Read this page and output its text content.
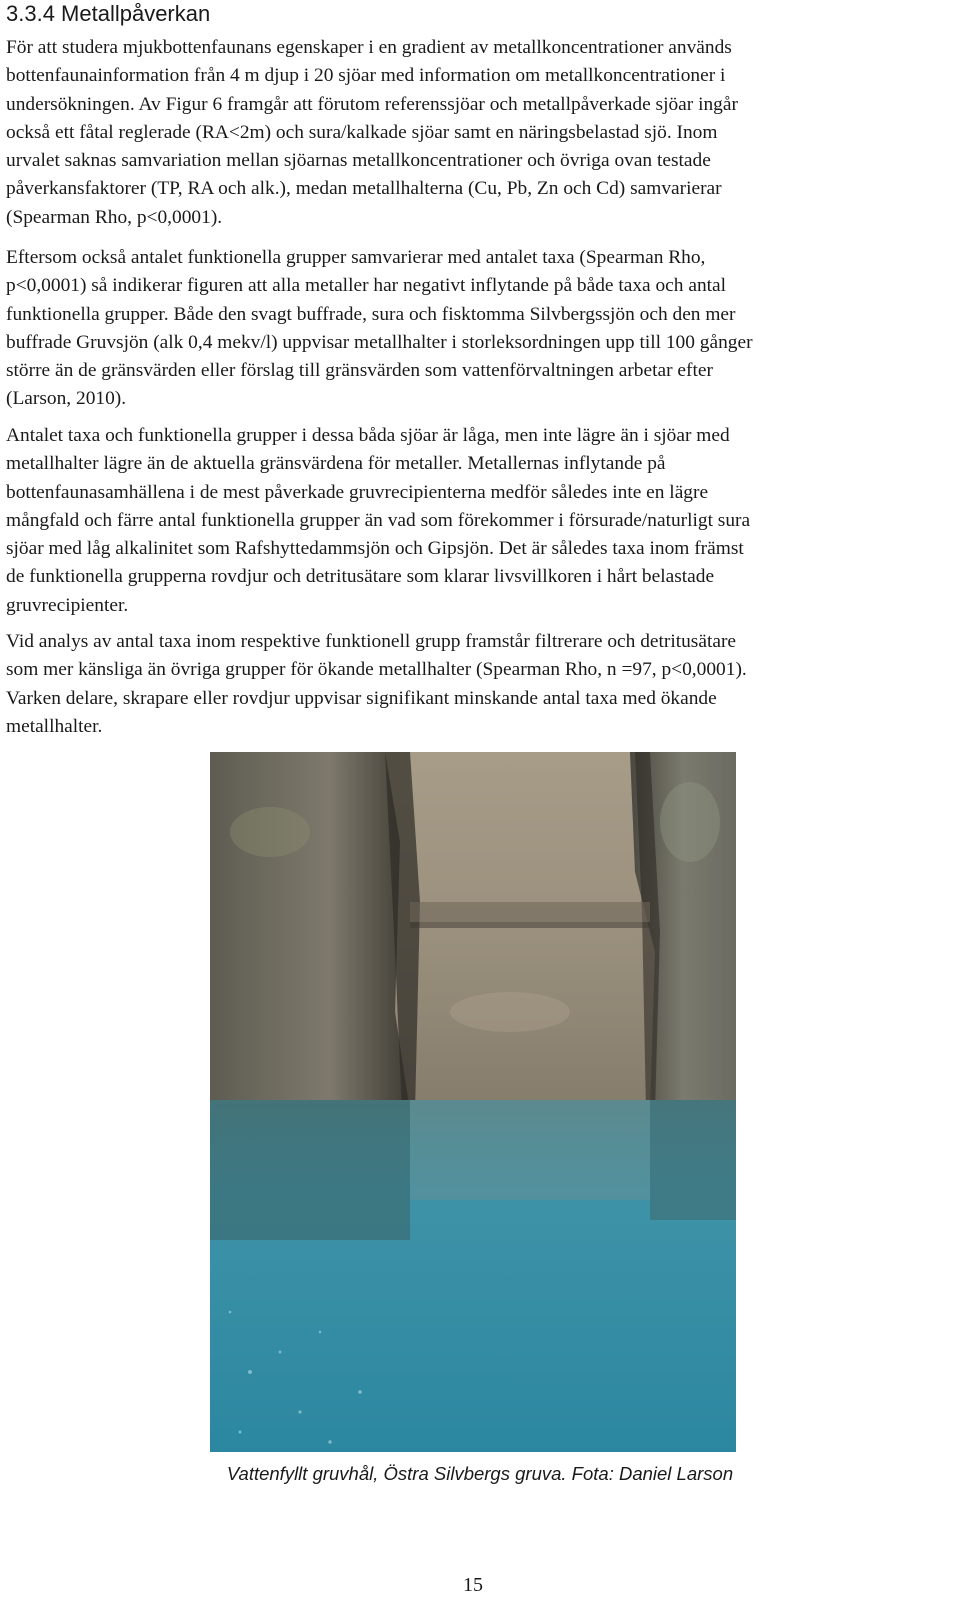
3.3.4 Metallpåverkan

För att studera mjukbottenfaunans egenskaper i en gradient av metallkoncentrationer används
bottenfaunainformation från 4 m djup i 20 sjöar med information om metallkoncentrationer i
undersökningen. Av Figur 6 framgår att förutom referenssjöar och metallpåverkade sjöar ingår
också ett fåtal reglerade (RA<2m) och sura/kalkade sjöar samt en näringsbelastad sjö. Inom
urvalet saknas samvariation mellan sjöarnas metallkoncentrationer och övriga ovan testade
påverkansfaktorer (TP, RA och alk.), medan metallhalterna (Cu, Pb, Zn och Cd) samvarierar
(Spearman Rho, p<0,0001).

Eftersom också antalet funktionella grupper samvarierar med antalet taxa (Spearman Rho,
p<0,0001) så indikerar figuren att alla metaller har negativt inflytande på både taxa och antal
funktionella grupper. Både den svagt buffrade, sura och fisktomma Silvbergssjön och den mer
buffrade Gruvsjön (alk 0,4 mekv/l) uppvisar metallhalter i storleksordningen upp till 100 gånger
större än de gränsvärden eller förslag till gränsvärden som vattenförvaltningen arbetar efter
(Larson, 2010).

Antalet taxa och funktionella grupper i dessa båda sjöar är låga, men inte lägre än i sjöar med
metallhalter lägre än de aktuella gränsvärdena för metaller. Metallernas inflytande på
bottenfaunasamhällena i de mest påverkade gruvrecipienterna medför således inte en lägre
mångfald och färre antal funktionella grupper än vad som förekommer i försurade/naturligt sura
sjöar med låg alkalinitet som Rafshyttedammsjön och Gipsjön. Det är således taxa inom främst
de funktionella grupperna rovdjur och detritusätare som klarar livsvillkoren i hårt belastade
gruvrecipienter.

Vid analys av antal taxa inom respektive funktionell grupp framstår filtrerare och detritusätare
som mer känsliga än övriga grupper för ökande metallhalter (Spearman Rho, n =97, p<0,0001).
Varken delare, skrapare eller rovdjur uppvisar signifikant minskande antal taxa med ökande
metallhalter.

Vattenfyllt gruvhål, Östra Silvbergs gruva. Fota: Daniel Larson

15
